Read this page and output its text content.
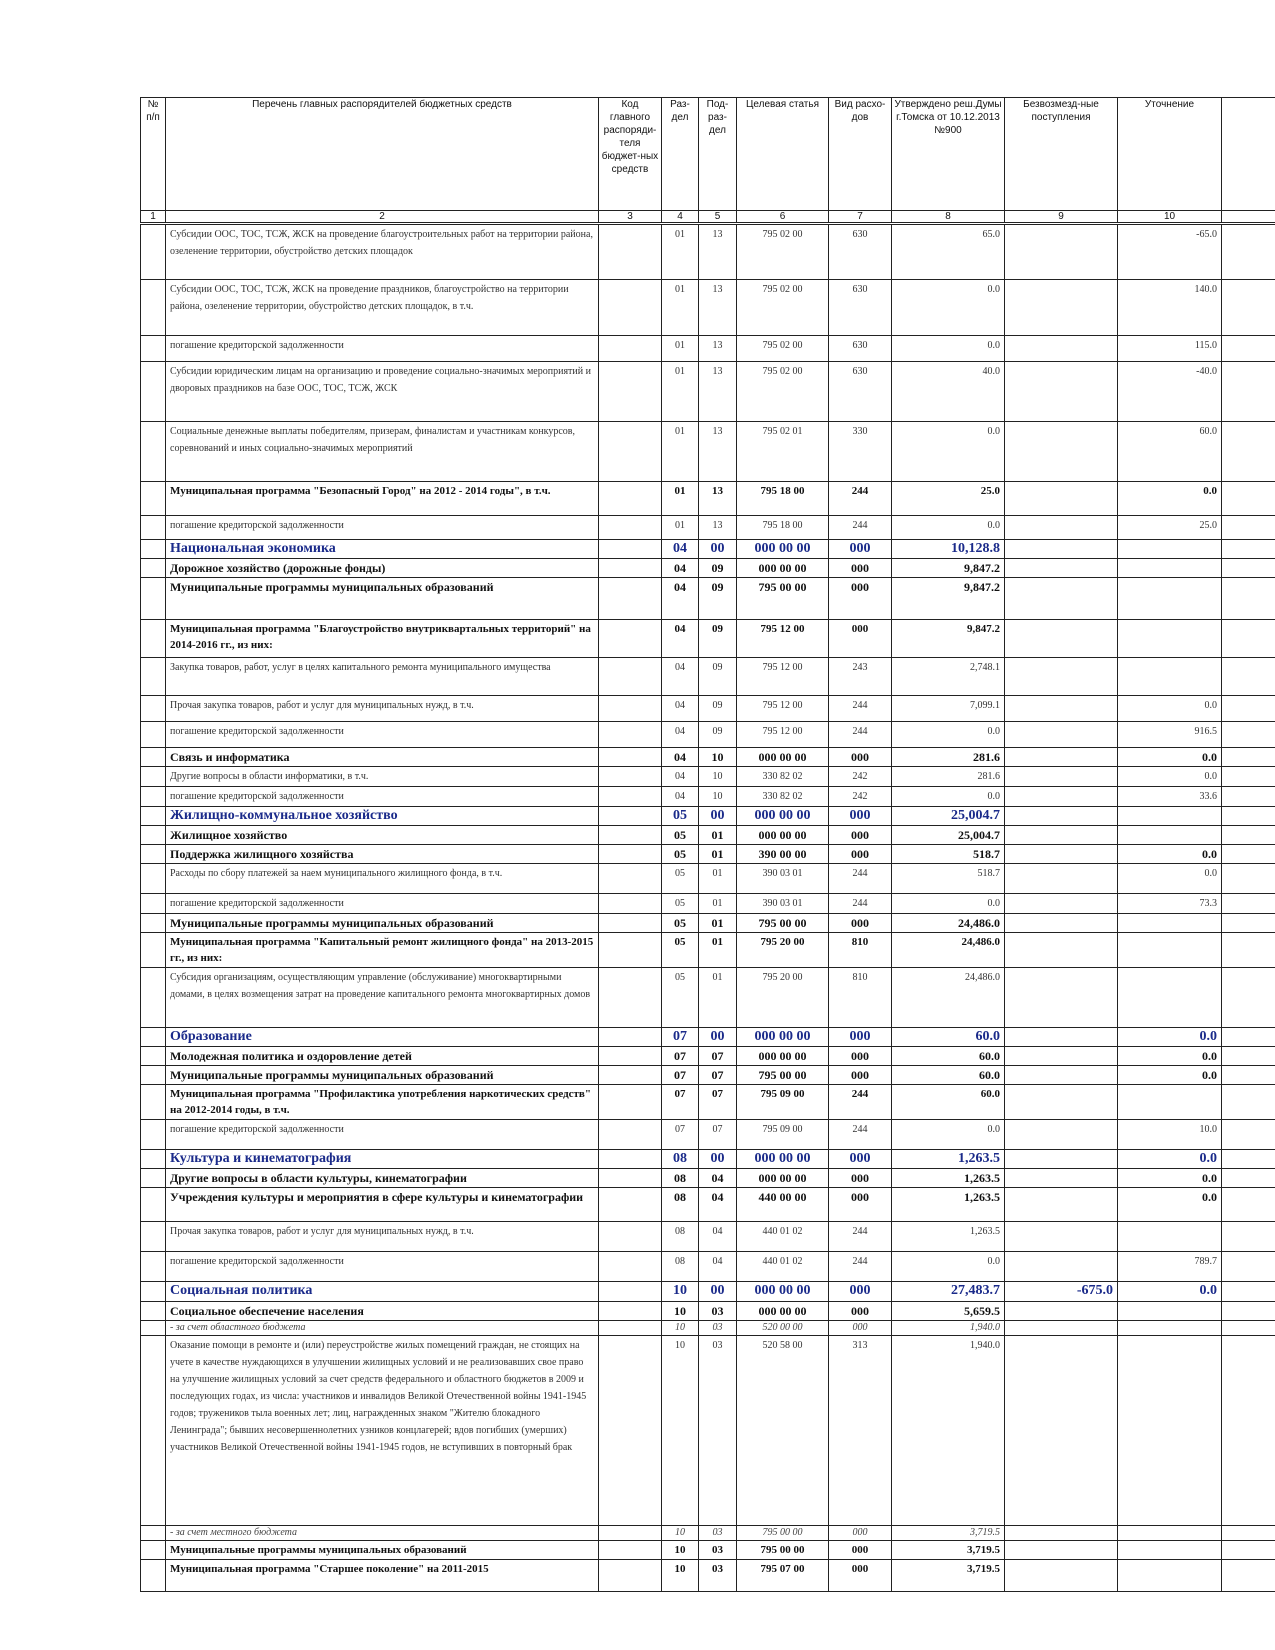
№ п/п	Перечень главных распорядителей бюджетных средств	Код главного распоряди-теля бюджет-ных средств	Раз-дел	Под-раз-дел	Целевая статья	Вид расхо-дов	Утверждено реш.Думы г.Томска от 10.12.2013 №900	Безвозмезд-ные поступления	Уточнение	
1	2	3	4	5	6	7	8	9	10	
	Субсидии ООС, ТОС, ТСЖ, ЖСК на проведение благоустроительных работ на территории района, озеленение территории, обустройство детских площадок		01	13	795 02 00	630	65.0		-65.0	
	Субсидии ООС, ТОС, ТСЖ, ЖСК на проведение праздников, благоустройство на территории района, озеленение территории, обустройство детских площадок, в т.ч.		01	13	795 02 00	630	0.0		140.0	
	погашение кредиторской задолженности		01	13	795 02 00	630	0.0		115.0	
	Субсидии юридическим лицам на организацию и проведение социально-значимых мероприятий и дворовых праздников на базе ООС, ТОС, ТСЖ, ЖСК		01	13	795 02 00	630	40.0		-40.0	
	Социальные денежные выплаты победителям, призерам, финалистам и участникам конкурсов, соревнований и иных социально-значимых мероприятий		01	13	795 02 01	330	0.0		60.0	
	Муниципальная программа "Безопасный Город" на 2012 - 2014 годы", в т.ч.		01	13	795 18 00	244	25.0		0.0	
	погашение кредиторской задолженности		01	13	795 18 00	244	0.0		25.0	
	Национальная экономика		04	00	000 00 00	000	10,128.8			
	Дорожное хозяйство (дорожные фонды)		04	09	000 00 00	000	9,847.2			
	Муниципальные программы муниципальных образований		04	09	795 00 00	000	9,847.2			
	Муниципальная программа "Благоустройство внутриквартальных территорий" на 2014-2016 гг., из них:		04	09	795 12 00	000	9,847.2			
	Закупка товаров, работ, услуг в целях капитального ремонта муниципального имущества		04	09	795 12 00	243	2,748.1			
	Прочая закупка товаров, работ и услуг для муниципальных нужд, в т.ч.		04	09	795 12 00	244	7,099.1		0.0	
	погашение кредиторской задолженности		04	09	795 12 00	244	0.0		916.5	
	Связь и информатика		04	10	000 00 00	000	281.6		0.0	
	Другие вопросы в области информатики, в т.ч.		04	10	330 82 02	242	281.6		0.0	
	погашение кредиторской задолженности		04	10	330 82 02	242	0.0		33.6	
	Жилищно-коммунальное хозяйство		05	00	000 00 00	000	25,004.7			
	Жилищное хозяйство		05	01	000 00 00	000	25,004.7			
	Поддержка жилищного хозяйства		05	01	390 00 00	000	518.7		0.0	
	Расходы по сбору платежей за наем муниципального жилищного фонда, в т.ч.		05	01	390 03 01	244	518.7		0.0	
	погашение кредиторской задолженности		05	01	390 03 01	244	0.0		73.3	
	Муниципальные программы муниципальных образований		05	01	795 00 00	000	24,486.0			
	Муниципальная программа "Капитальный ремонт жилищного фонда" на 2013-2015 гг., из них:		05	01	795 20 00	810	24,486.0			
	Субсидия организациям, осуществляющим управление (обслуживание) многоквартирными домами, в целях возмещения затрат на проведение капитального ремонта многоквартирных домов		05	01	795 20 00	810	24,486.0			
	Образование		07	00	000 00 00	000	60.0		0.0	
	Молодежная политика и оздоровление детей		07	07	000 00 00	000	60.0		0.0	
	Муниципальные программы муниципальных образований		07	07	795 00 00	000	60.0		0.0	
	Муниципальная программа "Профилактика употребления наркотических средств" на 2012-2014 годы, в т.ч.		07	07	795 09 00	244	60.0			
	погашение кредиторской задолженности		07	07	795 09 00	244	0.0		10.0	
	Культура и кинематография		08	00	000 00 00	000	1,263.5		0.0	
	Другие вопросы в области культуры, кинематографии		08	04	000 00 00	000	1,263.5		0.0	
	Учреждения культуры и мероприятия в сфере культуры и кинематографии		08	04	440 00 00	000	1,263.5		0.0	
	Прочая закупка товаров, работ и услуг для муниципальных нужд, в т.ч.		08	04	440 01 02	244	1,263.5			
	погашение кредиторской задолженности		08	04	440 01 02	244	0.0		789.7	
	Социальная политика		10	00	000 00 00	000	27,483.7	-675.0	0.0	
	Социальное обеспечение населения		10	03	000 00 00	000	5,659.5			
	- за счет областного бюджета		10	03	520 00 00	000	1,940.0			
	Оказание помощи в ремонте и (или) переустройстве жилых помещений граждан, не стоящих на учете в качестве нуждающихся в улучшении жилищных условий и не реализовавших свое право на улучшение жилищных условий за счет средств федерального и областного бюджетов в 2009 и последующих годах, из числа: участников и инвалидов Великой Отечественной войны 1941-1945 годов; тружеников тыла военных лет; лиц, награжденных знаком "Жителю блокадного Ленинграда"; бывших несовершеннолетних узников концлагерей; вдов погибших (умерших) участников Великой Отечественной войны 1941-1945 годов, не вступивших в повторный брак		10	03	520 58 00	313	1,940.0			
	- за счет местного бюджета		10	03	795 00 00	000	3,719.5			
	Муниципальные программы муниципальных образований		10	03	795 00 00	000	3,719.5			
	Муниципальная программа "Старшее поколение" на 2011-2015		10	03	795 07 00	000	3,719.5			
